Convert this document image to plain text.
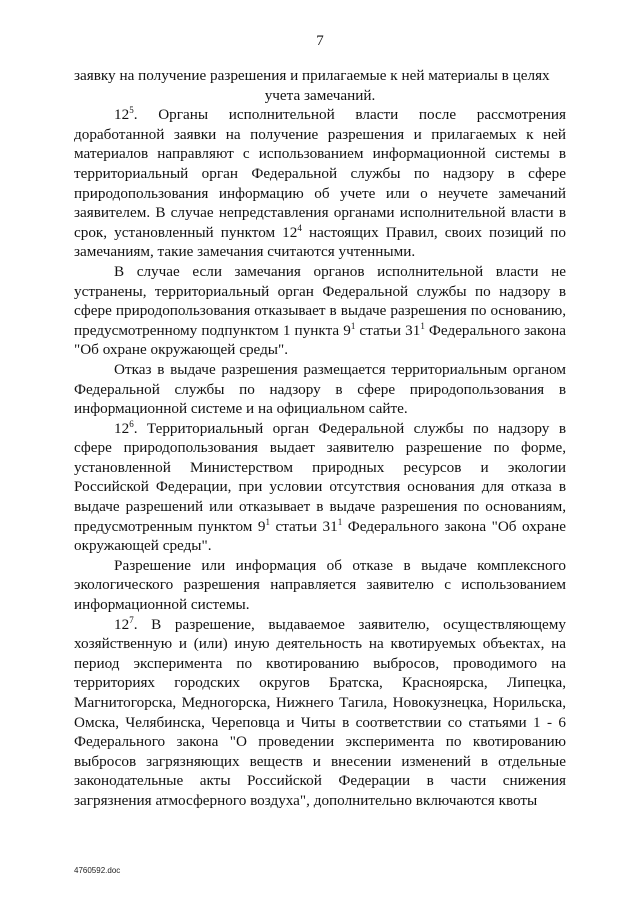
7

заявку на получение разрешения и прилагаемые к ней материалы в целях
учета замечаний.

$12^5$. Органы исполнительной власти после рассмотрения доработанной заявки на получение разрешения и прилагаемых к ней материалов направляют с использованием информационной системы в территориальный орган Федеральной службы по надзору в сфере природопользования информацию об учете или о неучете замечаний заявителем. В случае непредставления органами исполнительной власти в срок, установленный пунктом $12^4$ настоящих Правил, своих позиций по замечаниям, такие замечания считаются учтенными.

В случае если замечания органов исполнительной власти не устранены, территориальный орган Федеральной службы по надзору в сфере природопользования отказывает в выдаче разрешения по основанию, предусмотренному подпунктом 1 пункта $9^1$ статьи $31^1$ Федерального закона "Об охране окружающей среды".

Отказ в выдаче разрешения размещается территориальным органом Федеральной службы по надзору в сфере природопользования в информационной системе и на официальном сайте.

$12^6$. Территориальный орган Федеральной службы по надзору в сфере природопользования выдает заявителю разрешение по форме, установленной Министерством природных ресурсов и экологии Российской Федерации, при условии отсутствия основания для отказа в выдаче разрешений или отказывает в выдаче разрешения по основаниям, предусмотренным пунктом $9^1$ статьи $31^1$ Федерального закона "Об охране окружающей среды".

Разрешение или информация об отказе в выдаче комплексного экологического разрешения направляется заявителю с использованием информационной системы.

$12^7$. В разрешение, выдаваемое заявителю, осуществляющему хозяйственную и (или) иную деятельность на квотируемых объектах, на период эксперимента по квотированию выбросов, проводимого на территориях городских округов Братска, Красноярска, Липецка, Магнитогорска, Медногорска, Нижнего Тагила, Новокузнецка, Норильска, Омска, Челябинска, Череповца и Читы в соответствии со статьями 1 - 6 Федерального закона "О проведении эксперимента по квотированию выбросов загрязняющих веществ и внесении изменений в отдельные законодательные акты Российской Федерации в части снижения загрязнения атмосферного воздуха", дополнительно включаются квоты

4760592.doc
